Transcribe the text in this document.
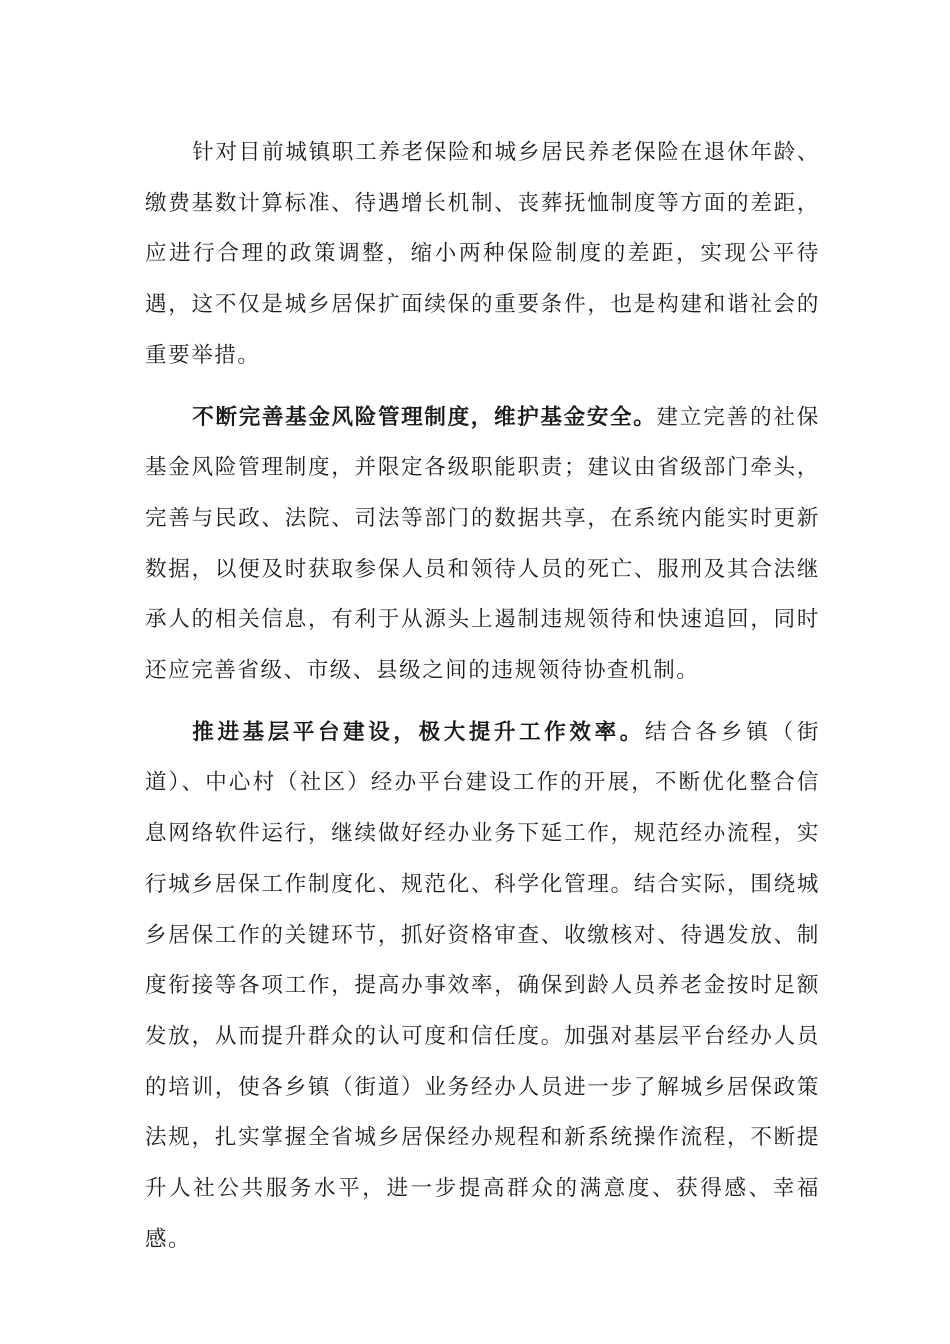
针对目前城镇职工养老保险和城乡居民养老保险在退休年龄、缴费基数计算标准、待遇增长机制、丧葬抚恤制度等方面的差距，应进行合理的政策调整，缩小两种保险制度的差距，实现公平待遇，这不仅是城乡居保扩面续保的重要条件，也是构建和谐社会的重要举措。

不断完善基金风险管理制度，维护基金安全。建立完善的社保基金风险管理制度，并限定各级职能职责；建议由省级部门牵头，完善与民政、法院、司法等部门的数据共享，在系统内能实时更新数据，以便及时获取参保人员和领待人员的死亡、服刑及其合法继承人的相关信息，有利于从源头上遏制违规领待和快速追回，同时还应完善省级、市级、县级之间的违规领待协查机制。

推进基层平台建设，极大提升工作效率。结合各乡镇（街道）、中心村（社区）经办平台建设工作的开展，不断优化整合信息网络软件运行，继续做好经办业务下延工作，规范经办流程，实行城乡居保工作制度化、规范化、科学化管理。结合实际，围绕城乡居保工作的关键环节，抓好资格审查、收缴核对、待遇发放、制度衔接等各项工作，提高办事效率，确保到龄人员养老金按时足额发放，从而提升群众的认可度和信任度。加强对基层平台经办人员的培训，使各乡镇（街道）业务经办人员进一步了解城乡居保政策法规，扎实掌握全省城乡居保经办规程和新系统操作流程，不断提升人社公共服务水平，进一步提高群众的满意度、获得感、幸福感。
